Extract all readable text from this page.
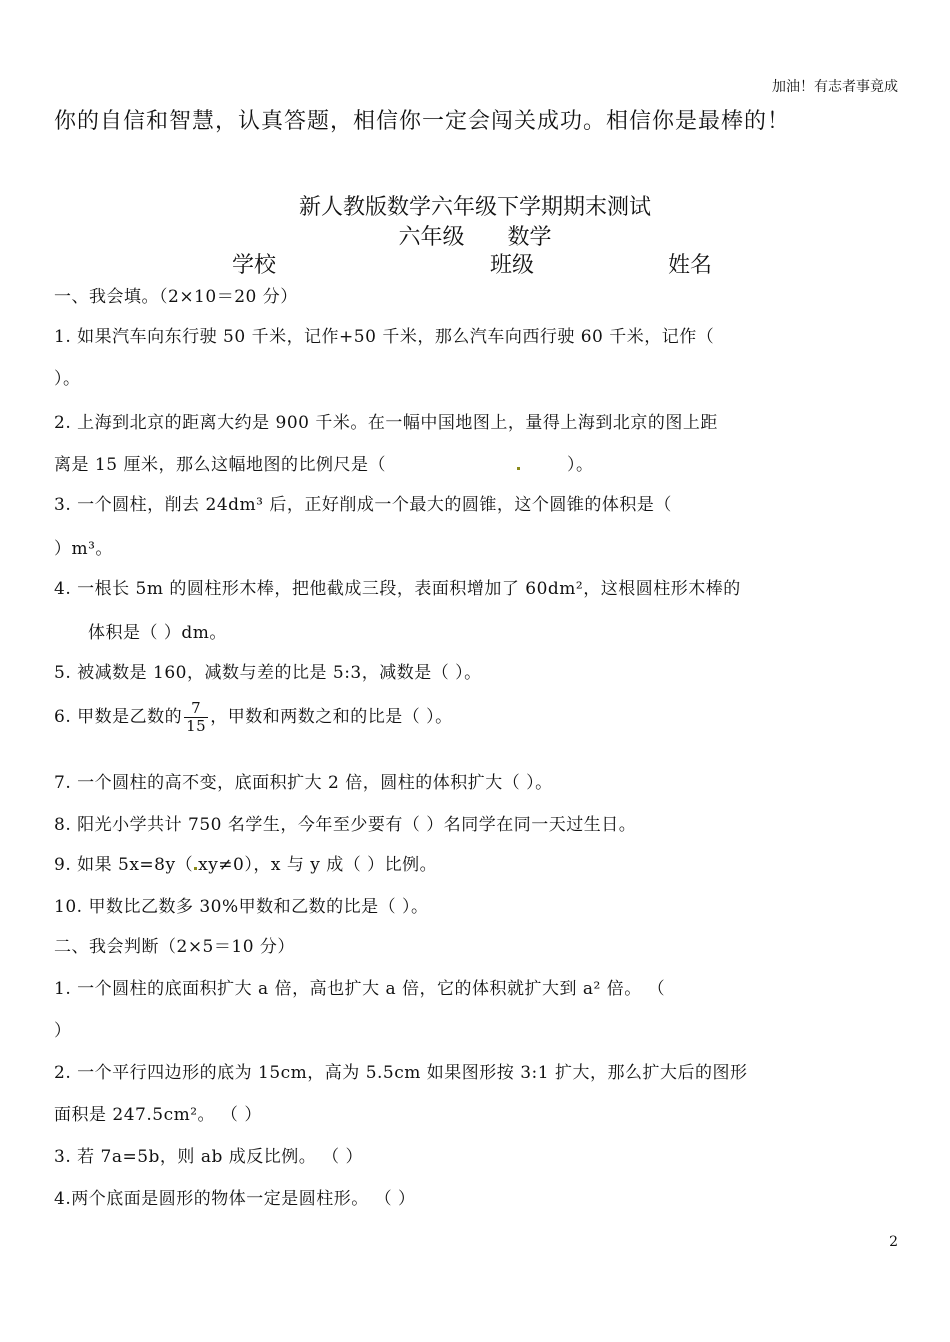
加油！有志者事竟成
你的自信和智慧，认真答题，相信你一定会闯关成功。相信你是最棒的！
新人教版数学六年级下学期期末测试
六年级 数学
学校	班级	姓名
一、我会填。（2×10＝20 分）
1. 如果汽车向东行驶 50 千米，记作+50 千米，那么汽车向西行驶 60 千米，记作（
）。
2. 上海到北京的距离大约是 900 千米。在一幅中国地图上，量得上海到北京的图上距
离是 15 厘米，那么这幅地图的比例尺是（	）。
3. 一个圆柱，削去 24dm³ 后，正好削成一个最大的圆锥，这个圆锥的体积是（
）m³。
4. 一根长 5m 的圆柱形木棒，把他截成三段，表面积增加了 60dm²，这根圆柱形木棒的
体积是（ ）dm。
5. 被减数是 160，减数与差的比是 5:3，减数是（ ）。
6. 甲数是乙数的 $\frac{7}{15}$ ，甲数和两数之和的比是（ ）。
7. 一个圆柱的高不变，底面积扩大 2 倍，圆柱的体积扩大（ ）。
8. 阳光小学共计 750 名学生，今年至少要有（ ）名同学在同一天过生日。
9. 如果 5x=8y（ xy≠0），x 与 y 成（ ）比例。
10. 甲数比乙数多 30%甲数和乙数的比是（ ）。
二、我会判断（2×5＝10 分）
1. 一个圆柱的底面积扩大 a 倍，高也扩大 a 倍，它的体积就扩大到 a² 倍。 （
）
2. 一个平行四边形的底为 15cm，高为 5.5cm 如果图形按 3:1 扩大，那么扩大后的图形
面积是 247.5cm²。 （ ）
3. 若 7a=5b，则 ab 成反比例。 （ ）
4.两个底面是圆形的物体一定是圆柱形。 （ ）
2
